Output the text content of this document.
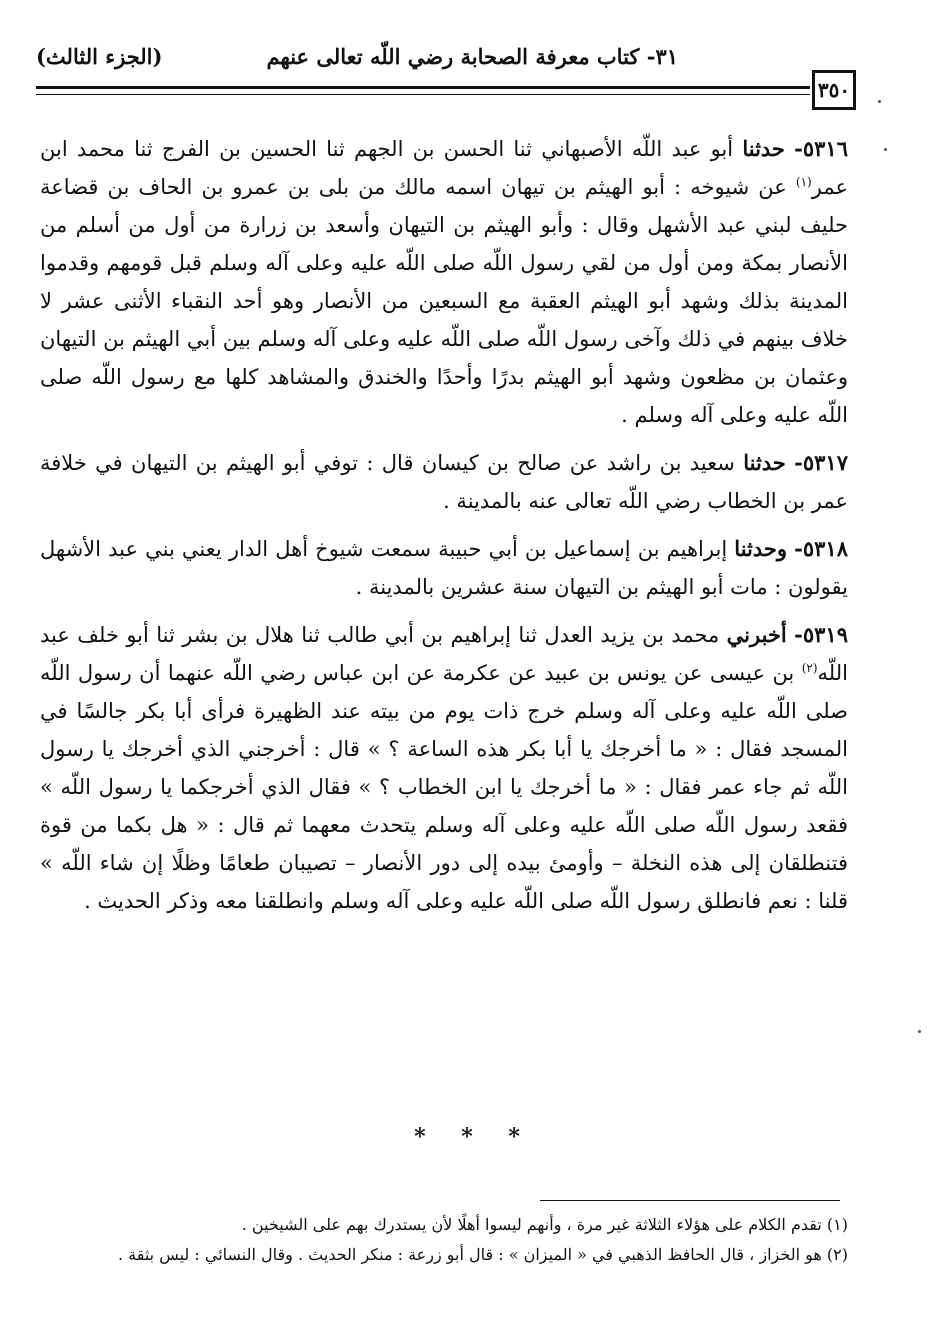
٣١- كتاب معرفة الصحابة رضي اللّه تعالى عنهم
(الجزء الثالث)
٣٥٠

٥٣١٦- حدثنا أبو عبد اللّه الأصبهاني ثنا الحسن بن الجهم ثنا الحسين بن الفرج ثنا محمد ابن عمر$^{(١)}$ عن شيوخه : أبو الهيثم بن تيهان اسمه مالك من بلى بن عمرو بن الحاف بن قضاعة حليف لبني عبد الأشهل وقال : وأبو الهيثم بن التيهان وأسعد بن زرارة من أول من أسلم من الأنصار بمكة ومن أول من لقي رسول اللّه صلى اللّه عليه وعلى آله وسلم قبل قومهم وقدموا المدينة بذلك وشهد أبو الهيثم العقبة مع السبعين من الأنصار وهو أحد النقباء الأثنى عشر لا خلاف بينهم في ذلك وآخى رسول اللّه صلى اللّه عليه وعلى آله وسلم بين أبي الهيثم بن التيهان وعثمان بن مظعون وشهد أبو الهيثم بدرًا وأحدًا والخندق والمشاهد كلها مع رسول اللّه صلى اللّه عليه وعلى آله وسلم .

٥٣١٧- حدثنا سعيد بن راشد عن صالح بن كيسان قال : توفي أبو الهيثم بن التيهان في خلافة عمر بن الخطاب رضي اللّه تعالى عنه بالمدينة .

٥٣١٨- وحدثنا إبراهيم بن إسماعيل بن أبي حبيبة سمعت شيوخ أهل الدار يعني بني عبد الأشهل يقولون : مات أبو الهيثم بن التيهان سنة عشرين بالمدينة .

٥٣١٩- أخبرني محمد بن يزيد العدل ثنا إبراهيم بن أبي طالب ثنا هلال بن بشر ثنا أبو خلف عبد اللّه$^{(٢)}$ بن عيسى عن يونس بن عبيد عن عكرمة عن ابن عباس رضي اللّه عنهما أن رسول اللّه صلى اللّه عليه وعلى آله وسلم خرج ذات يوم من بيته عند الظهيرة فرأى أبا بكر جالسًا في المسجد فقال : « ما أخرجك يا أبا بكر هذه الساعة ؟ » قال : أخرجني الذي أخرجك يا رسول اللّه ثم جاء عمر فقال : « ما أخرجك يا ابن الخطاب ؟ » فقال الذي أخرجكما يا رسول اللّه » فقعد رسول اللّه صلى اللّه عليه وعلى آله وسلم يتحدث معهما ثم قال : « هل بكما من قوة فتنطلقان إلى هذه النخلة – وأومئ بيده إلى دور الأنصار – تصيبان طعامًا وظلًا إن شاء اللّه » قلنا : نعم فانطلق رسول اللّه صلى اللّه عليه وعلى آله وسلم وانطلقنا معه وذكر الحديث .

* * *
(١) تقدم الكلام على هؤلاء الثلاثة غير مرة ، وأنهم ليسوا أهلًا لأن يستدرك بهم على الشيخين .
(٢) هو الخزاز ، قال الحافظ الذهبي في « الميزان » : قال أبو زرعة : منكر الحديث . وقال النسائي : ليس بثقة .
